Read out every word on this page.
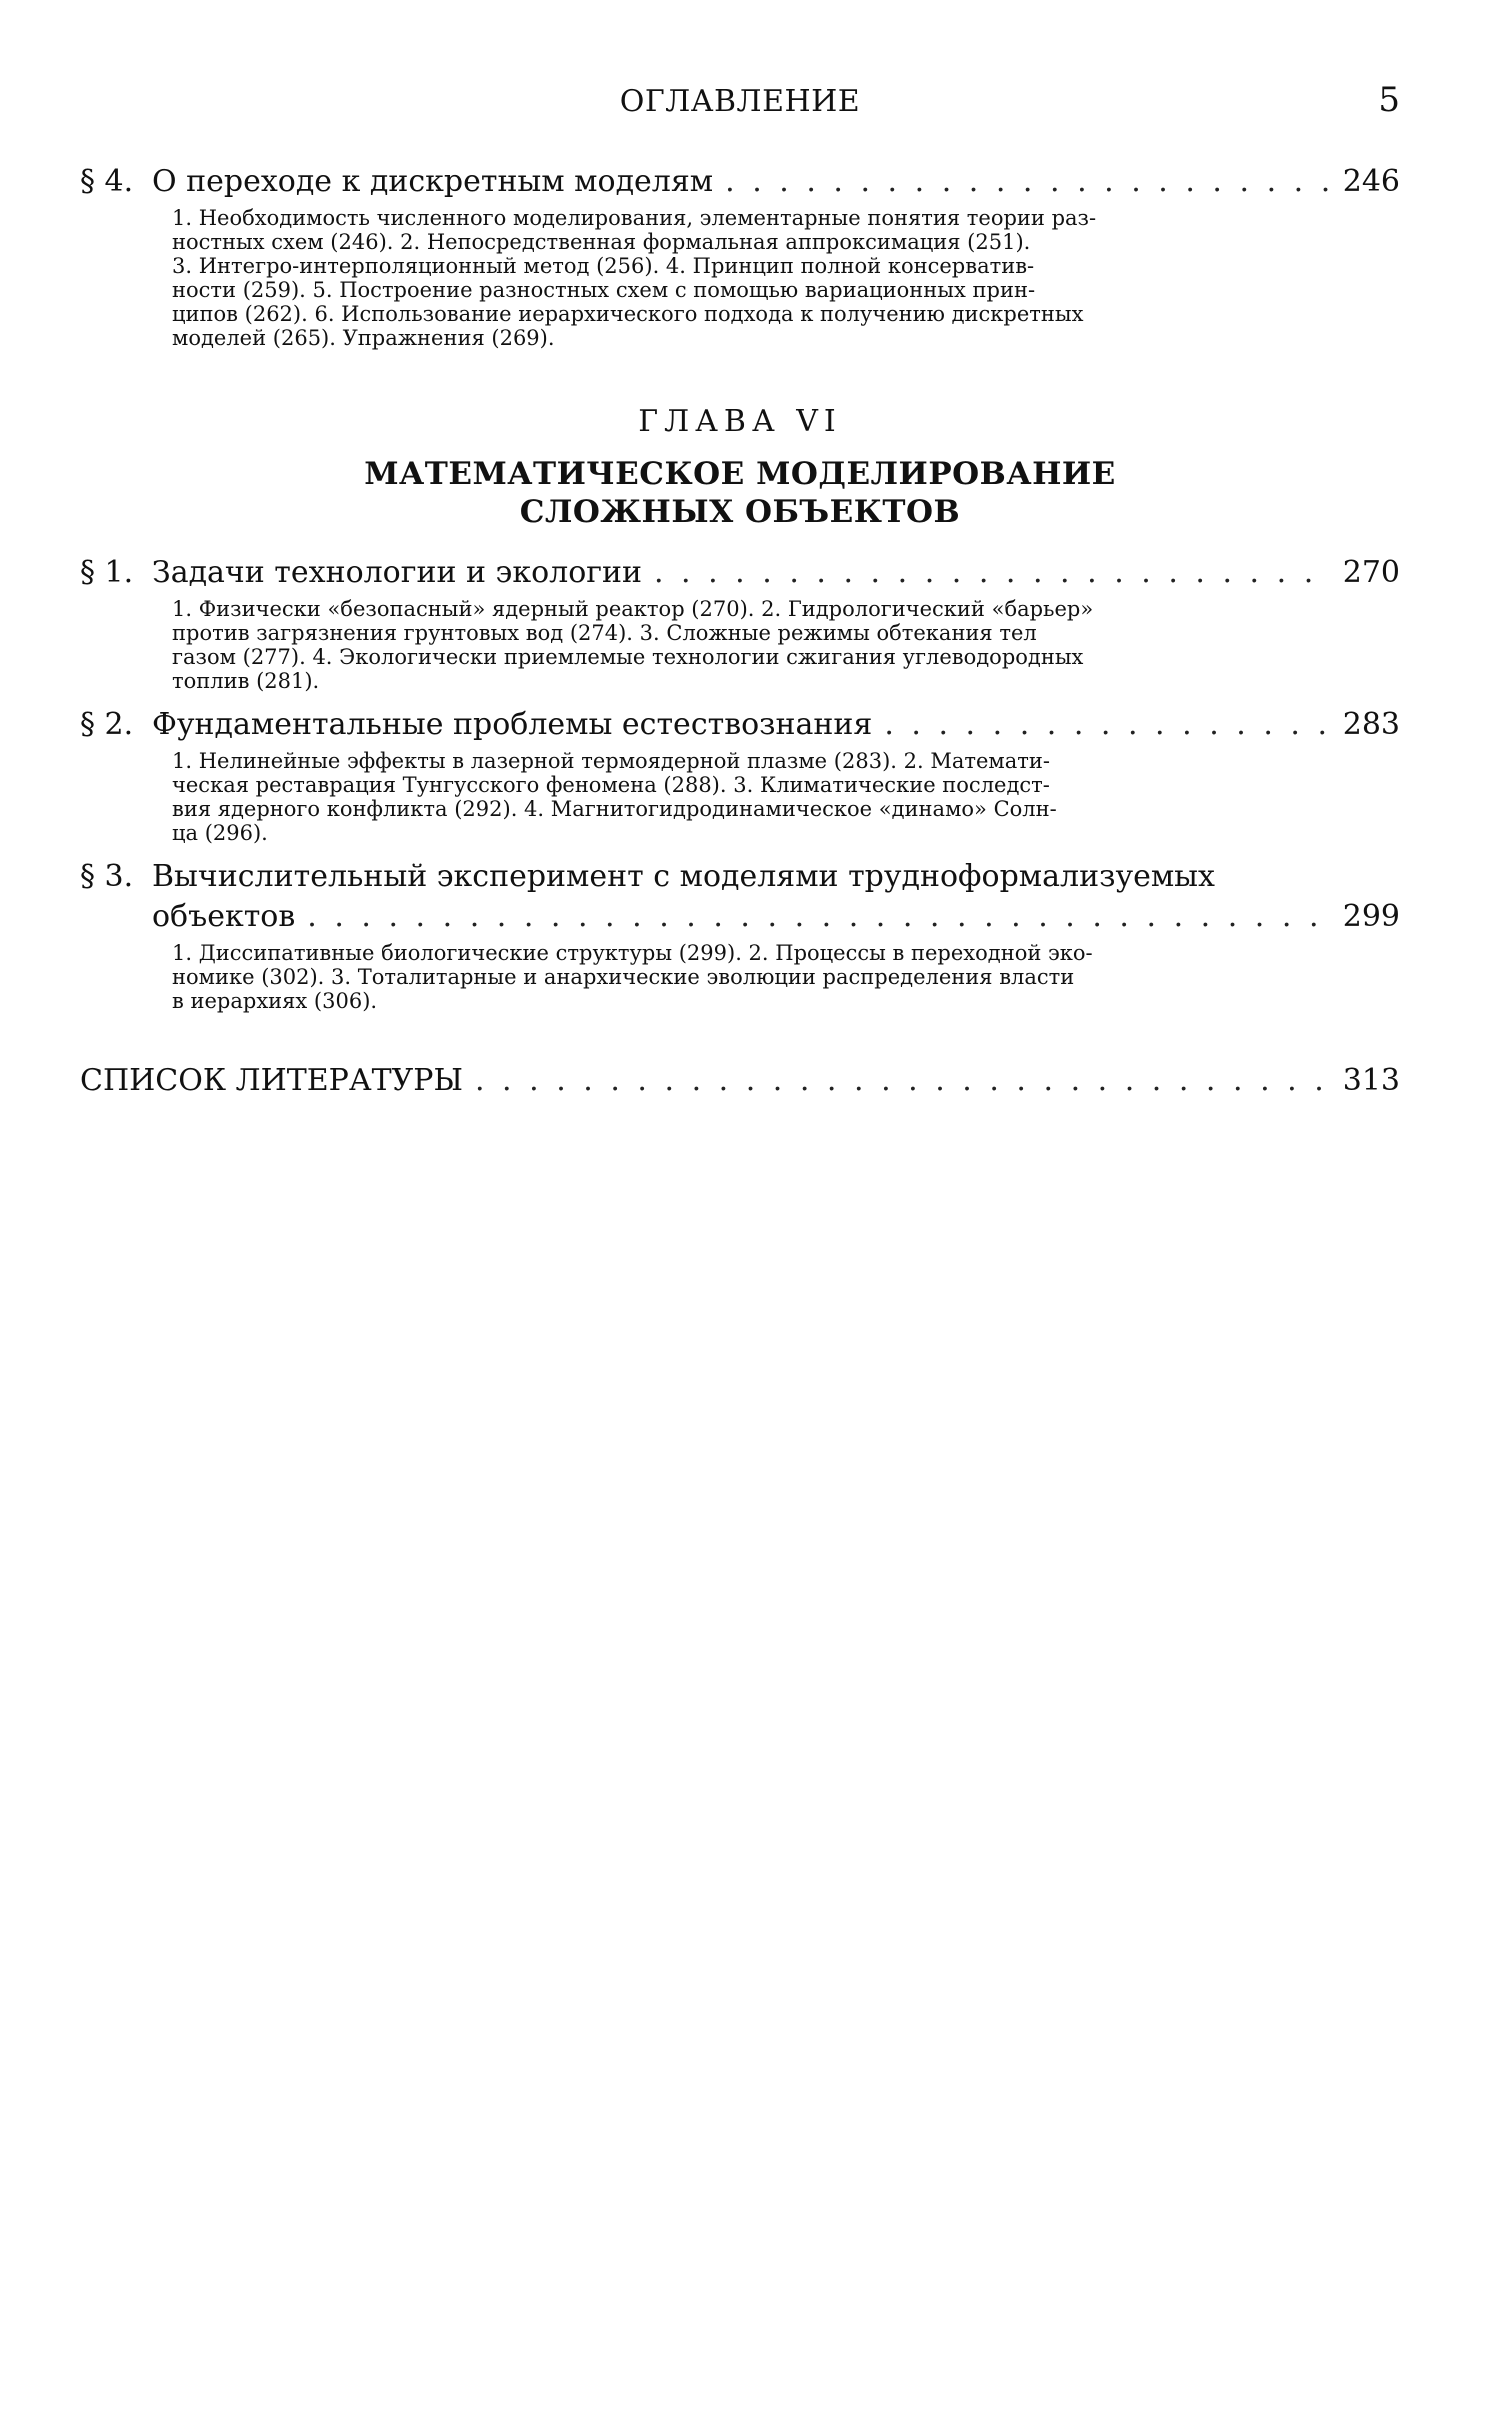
ОГЛАВЛЕНИЕ	5
§ 4. О переходе к дискретным моделям . . .	246
1. Необходимость численного моделирования, элементарные понятия теории раз-
ностных схем (246). 2. Непосредственная формальная аппроксимация (251).
3. Интегро-интерполяционный метод (256). 4. Принцип полной консерватив-
ности (259). 5. Построение разностных схем с помощью вариационных прин-
ципов (262). 6. Использование иерархического подхода к получению дискретных
моделей (265). Упражнения (269).
ГЛАВА VI
МАТЕМАТИЧЕСКОЕ МОДЕЛИРОВАНИЕ
СЛОЖНЫХ ОБЪЕКТОВ
§ 1. Задачи технологии и экологии . . .	270
1. Физически «безопасный» ядерный реактор (270). 2. Гидрологический «барьер»
против загрязнения грунтовых вод (274). 3. Сложные режимы обтекания тел
газом (277). 4. Экологически приемлемые технологии сжигания углеводородных
топлив (281).
§ 2. Фундаментальные проблемы естествознания . . .	283
1. Нелинейные эффекты в лазерной термоядерной плазме (283). 2. Математи-
ческая реставрация Тунгусского феномена (288). 3. Климатические последст-
вия ядерного конфликта (292). 4. Магнитогидродинамическое «динамо» Солн-
ца (296).
§ 3. Вычислительный эксперимент с моделями трудноформализуемых
объектов . . .	299
1. Диссипативные биологические структуры (299). 2. Процессы в переходной эко-
номике (302). 3. Тоталитарные и анархические эволюции распределения власти
в иерархиях (306).
СПИСОК ЛИТЕРАТУРЫ . . .	313
